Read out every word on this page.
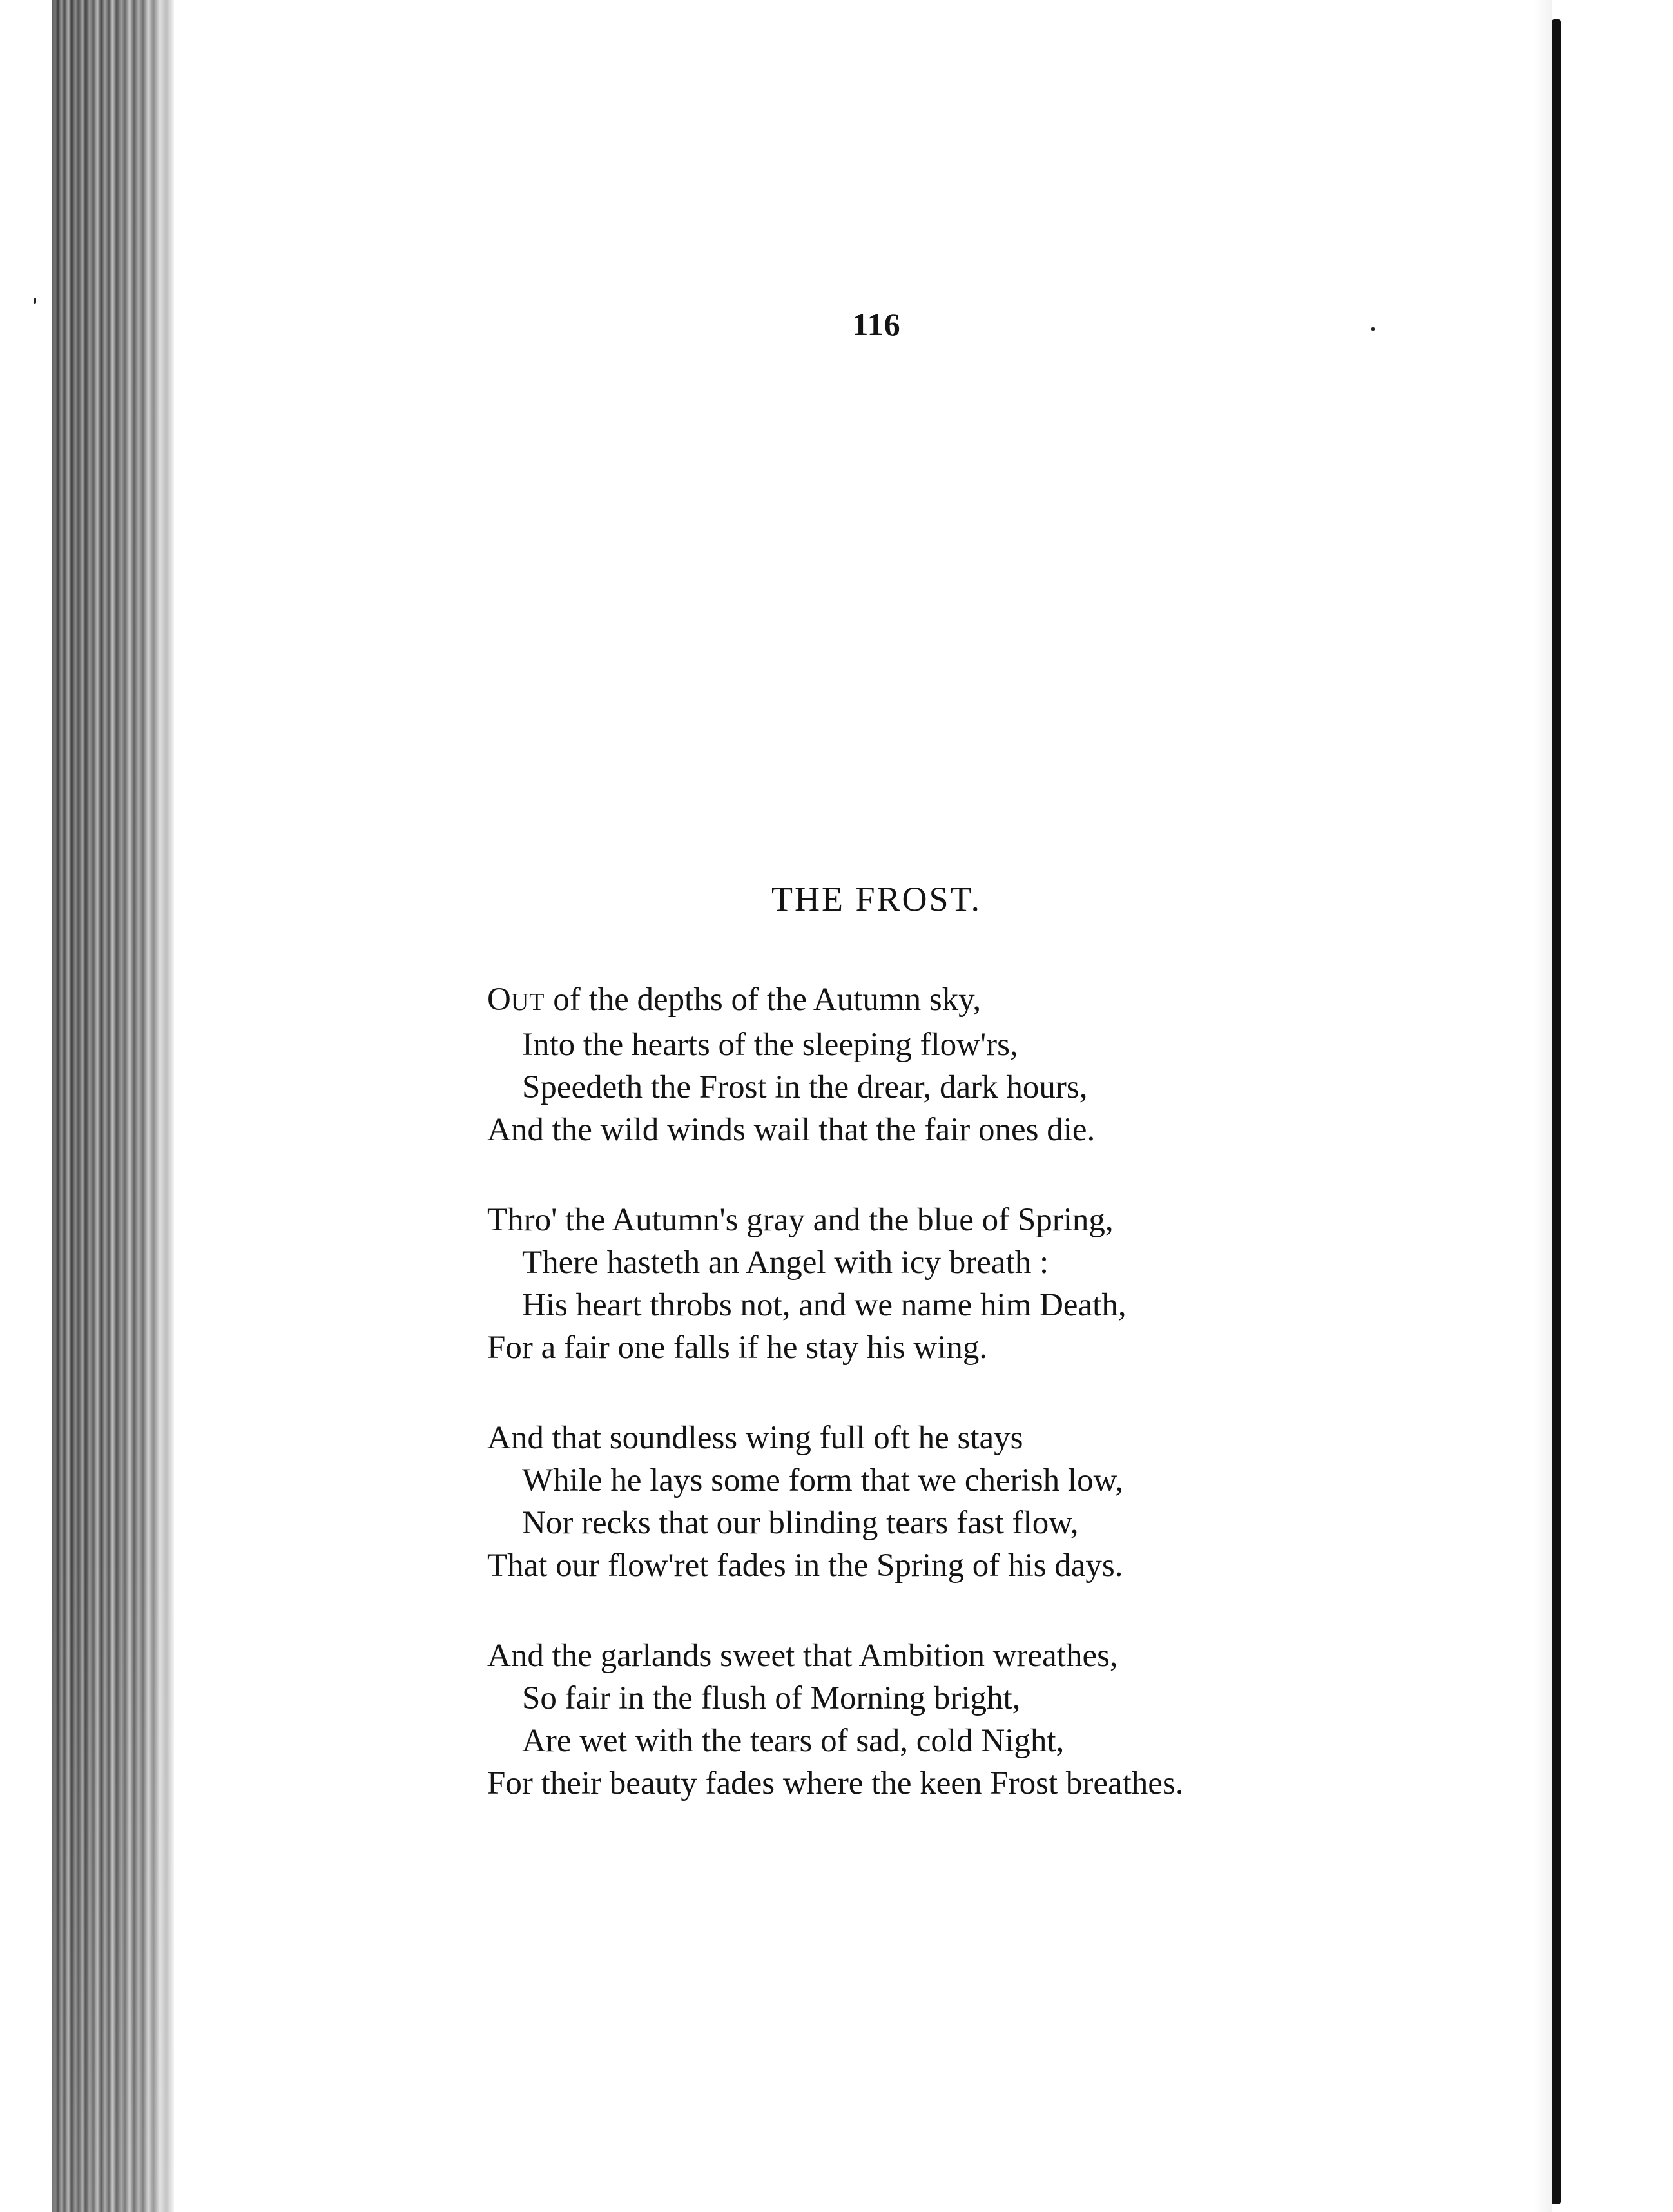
116
THE FROST.
OUT of the depths of the Autumn sky,
Into the hearts of the sleeping flow'rs,
Speedeth the Frost in the drear, dark hours,
And the wild winds wail that the fair ones die.
Thro' the Autumn's gray and the blue of Spring,
There hasteth an Angel with icy breath :
His heart throbs not, and we name him Death,
For a fair one falls if he stay his wing.
And that soundless wing full oft he stays
While he lays some form that we cherish low,
Nor recks that our blinding tears fast flow,
That our flow'ret fades in the Spring of his days.
And the garlands sweet that Ambition wreathes,
So fair in the flush of Morning bright,
Are wet with the tears of sad, cold Night,
For their beauty fades where the keen Frost breathes.
